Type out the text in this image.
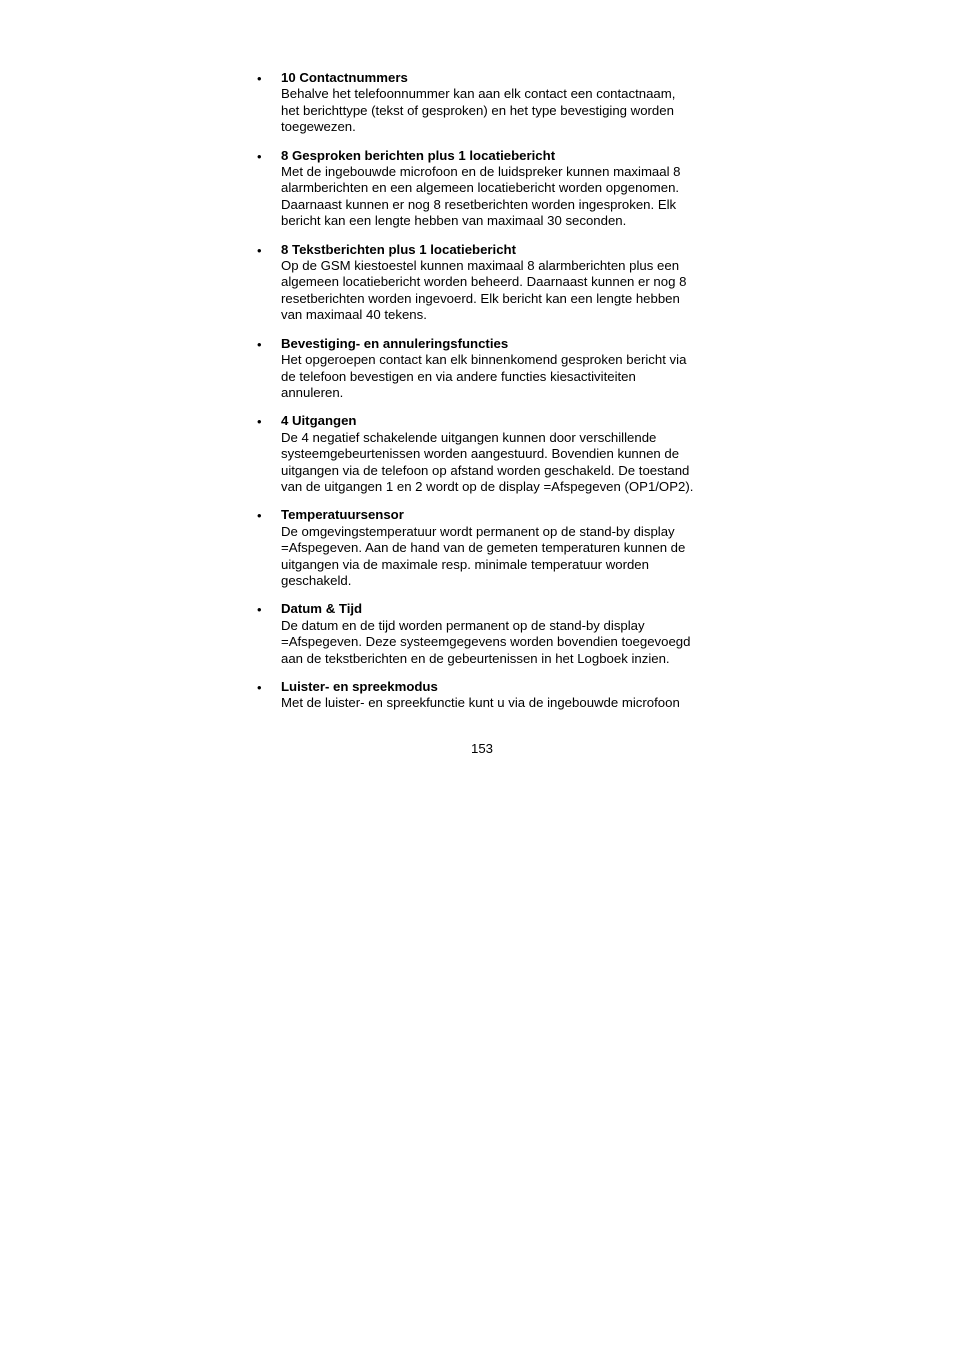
• 10 Contactnummers
Behalve het telefoonnummer kan aan elk contact een contactnaam,
het berichttype (tekst of gesproken) en het type bevestiging worden
toegewezen.
• 8 Gesproken berichten plus 1 locatiebericht
Met de ingebouwde microfoon en de luidspreker kunnen maximaal 8
alarmberichten en een algemeen locatiebericht worden opgenomen.
Daarnaast kunnen er nog 8 resetberichten worden ingesproken. Elk
bericht kan een lengte hebben van maximaal 30 seconden.
• 8 Tekstberichten plus 1 locatiebericht
Op de GSM kiestoestel kunnen maximaal 8 alarmberichten plus een
algemeen locatiebericht worden beheerd. Daarnaast kunnen er nog 8
resetberichten worden ingevoerd. Elk bericht kan een lengte hebben
van maximaal 40 tekens.
• Bevestiging- en annuleringsfuncties
Het opgeroepen contact kan elk binnenkomend gesproken bericht via
de telefoon bevestigen en via andere functies kiesactiviteiten
annuleren.
• 4 Uitgangen
De 4 negatief schakelende uitgangen kunnen door verschillende
systeemgebeurtenissen worden aangestuurd. Bovendien kunnen de
uitgangen via de telefoon op afstand worden geschakeld. De toestand
van de uitgangen 1 en 2 wordt op de display =Afspegeven (OP1/OP2).
• Temperatuursensor
De omgevingstemperatuur wordt permanent op de stand-by display
=Afspegeven. Aan de hand van de gemeten temperaturen kunnen de
uitgangen via de maximale resp. minimale temperatuur worden
geschakeld.
• Datum & Tijd
De datum en de tijd worden permanent op de stand-by display
=Afspegeven. Deze systeemgegevens worden bovendien toegevoegd
aan de tekstberichten en de gebeurtenissen in het Logboek inzien.
• Luister- en spreekmodus
Met de luister- en spreekfunctie kunt u via de ingebouwde microfoon
153
